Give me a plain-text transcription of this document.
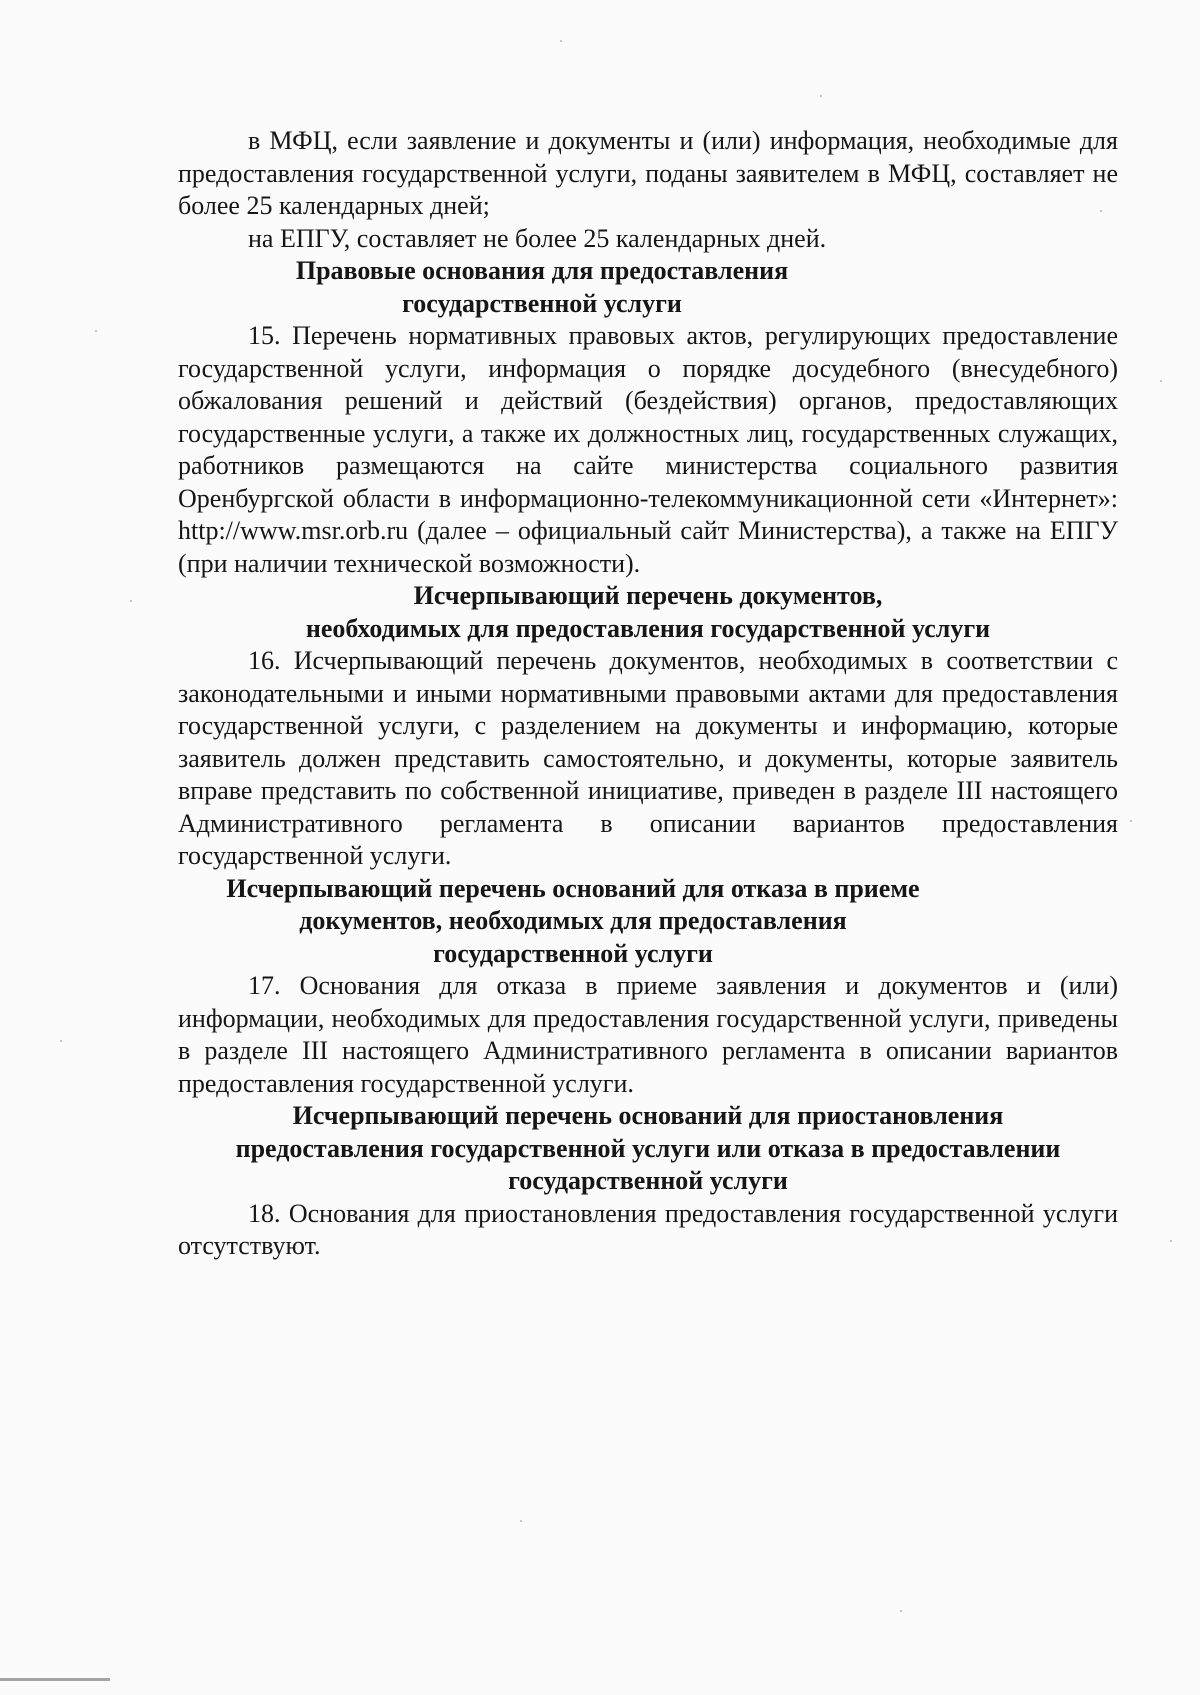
в МФЦ, если заявление и документы и (или) информация, необходимые для предоставления государственной услуги, поданы заявителем в МФЦ, составляет не более 25 календарных дней;

на ЕПГУ, составляет не более 25 календарных дней.

Правовые основания для предоставления
государственной услуги

15. Перечень нормативных правовых актов, регулирующих предоставление государственной услуги, информация о порядке досудебного (внесудебного) обжалования решений и действий (бездействия) органов, предоставляющих государственные услуги, а также их должностных лиц, государственных служащих, работников размещаются на сайте министерства социального развития Оренбургской области в информационно-телекоммуникационной сети «Интернет»: http://www.msr.orb.ru (далее – официальный сайт Министерства), а также на ЕПГУ (при наличии технической возможности).

Исчерпывающий перечень документов,
необходимых для предоставления государственной услуги

16. Исчерпывающий перечень документов, необходимых в соответствии с законодательными и иными нормативными правовыми актами для предоставления государственной услуги, с разделением на документы и информацию, которые заявитель должен представить самостоятельно, и документы, которые заявитель вправе представить по собственной инициативе, приведен в разделе III настоящего Административного регламента в описании вариантов предоставления государственной услуги.

Исчерпывающий перечень оснований для отказа в приеме
документов, необходимых для предоставления
государственной услуги

17. Основания для отказа в приеме заявления и документов и (или) информации, необходимых для предоставления государственной услуги, приведены в разделе III настоящего Административного регламента в описании вариантов предоставления государственной услуги.

Исчерпывающий перечень оснований для приостановления
предоставления государственной услуги или отказа в предоставлении
государственной услуги

18. Основания для приостановления предоставления государственной услуги отсутствуют.
